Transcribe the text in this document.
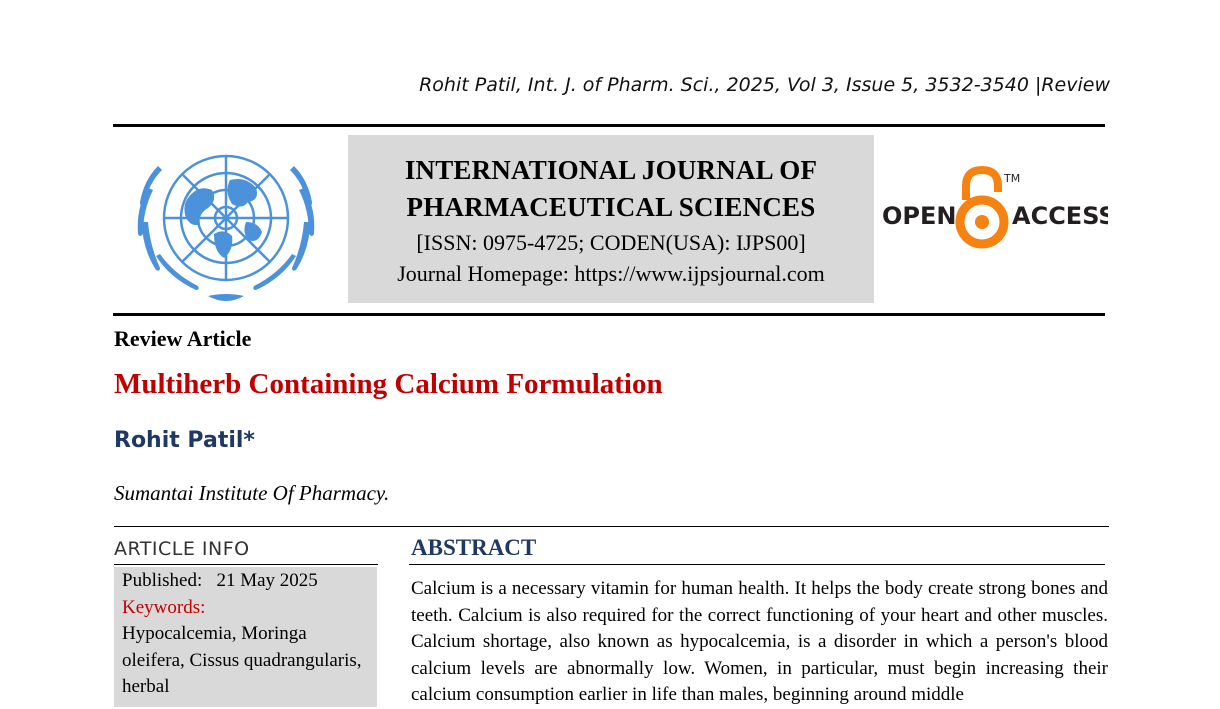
Rohit Patil, Int. J. of Pharm. Sci., 2025, Vol 3, Issue 5, 3532-3540 |Review
INTERNATIONAL JOURNAL OF
PHARMACEUTICAL SCIENCES
[ISSN: 0975-4725; CODEN(USA): IJPS00]
Journal Homepage: https://www.ijpsjournal.com
OPEN
TM
ACCESS
Review Article
Multiherb Containing Calcium Formulation
Rohit Patil*
Sumantai Institute Of Pharmacy.
ARTICLE INFO
Published: 21 May 2025
Keywords:
Hypocalcemia, Moringa oleifera, Cissus quadrangularis, herbal
ABSTRACT
Calcium is a necessary vitamin for human health. It helps the body create strong bones and teeth. Calcium is also required for the correct functioning of your heart and other muscles. Calcium shortage, also known as hypocalcemia, is a disorder in which a person's blood calcium levels are abnormally low. Women, in particular, must begin increasing their calcium consumption earlier in life than males, beginning around middle
